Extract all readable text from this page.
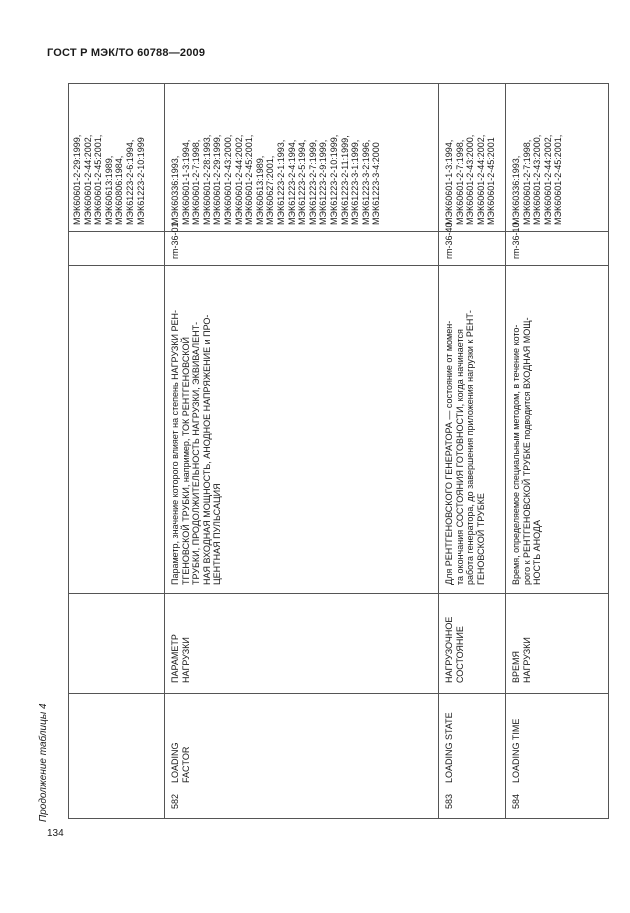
ГОСТ Р МЭК/ТО 60788—2009
Продолжение таблицы 4
134
МЭК60601-2-29:1999, МЭК60601-2-44:2002, МЭК60601-2-45:2001, МЭК60613:1989, МЭК60806:1984, МЭК61223-2-6:1994, МЭК61223-2-10:1999
582
LOADING FACTOR
ПАРАМЕТР НАГРУЗКИ
Параметр, значение которого влияет на степень НАГРУЗКИ РЕН- ТГЕНОВСКОЙ ТРУБКИ, например, ТОК РЕНТГЕНОВСКОЙ ТРУБКИ, ПРОДОЛЖИТЕЛЬНОСТЬ НАГРУЗКИ, ЭКВИВАЛЕНТ- НАЯ ВХОДНАЯ МОЩНОСТЬ, АНОДНОЕ НАПРЯЖЕНИЕ и ПРО- ЦЕНТНАЯ ПУЛЬСАЦИЯ
rm-36-01
МЭК60336:1993, МЭК60601-1-3:1994, МЭК60601-2-7:1998, МЭК60601-2-28:1993, МЭК60601-2-29:1999, МЭК60601-2-43:2000, МЭК60601-2-44:2002, МЭК60601-2-45:2001, МЭК60613:1989, МЭК60627:2001, МЭК61223-2-1:1993, МЭК61223-2-4:1994, МЭК61223-2-5:1994, МЭК61223-2-7:1999, МЭК61223-2-9:1999, МЭК61223-2-10:1999, МЭК61223-2-11:1999, МЭК61223-3-1:1999, МЭК61223-3-2:1996, МЭК61223-3-4:2000
583
LOADING STATE
НАГРУЗОЧНОЕ СОСТОЯНИЕ
Для РЕНТГЕНОВСКОГО ГЕНЕРАТОРА — состояние от момен- та окончания СОСТОЯНИЯ ГОТОВНОСТИ, когда начинается работа генератора, до завершения приложения нагрузки к РЕНТ- ГЕНОВСКОЙ ТРУБКЕ
rm-36-40
МЭК60601-1-3:1994, МЭК60601-2-7:1998, МЭК60601-2-43:2000, МЭК60601-2-44:2002, МЭК60601-2-45:2001
584
LOADING TIME
ВРЕМЯ НАГРУЗКИ
Время, определяемое специальным методом, в течение кото- рого к РЕНТГЕНОВСКОЙ ТРУБКЕ подводится ВХОДНАЯ МОЩ- НОСТЬ АНОДА
rm-36-10
МЭК60336:1993, МЭК60601-2-7:1998, МЭК60601-2-43:2000, МЭК60601-2-44:2002, МЭК60601-2-45:2001,
